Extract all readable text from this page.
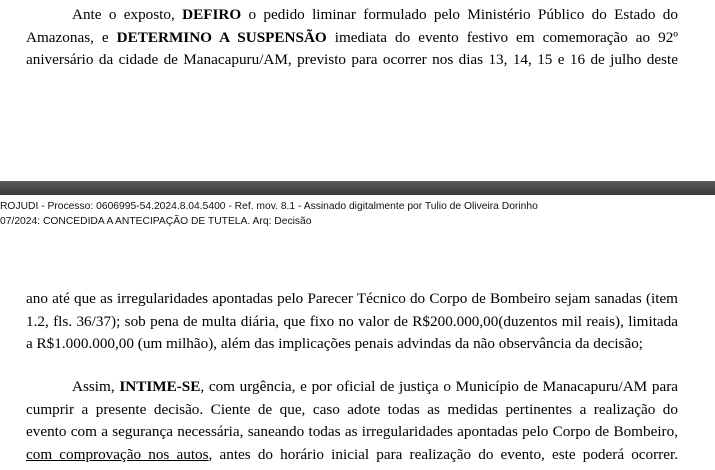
Ante o exposto, DEFIRO o pedido liminar formulado pelo Ministério Público do Estado do
Amazonas, e DETERMINO A SUSPENSÃO imediata do evento festivo em comemoração ao 92º
aniversário da cidade de Manacapuru/AM, previsto para ocorrer nos dias 13, 14, 15 e 16 de julho deste
ROJUDI - Processo: 0606995-54.2024.8.04.5400 - Ref. mov. 8.1 - Assinado digitalmente por Tulio de Oliveira Dorinho
07/2024: CONCEDIDA A ANTECIPAÇÃO DE TUTELA. Arq: Decisão
ano até que as irregularidades apontadas pelo Parecer Técnico do Corpo de Bombeiro sejam sanadas (item
1.2, fls. 36/37); sob pena de multa diária, que fixo no valor de R$200.000,00(duzentos mil reais), limitada
a R$1.000.000,00 (um milhão), além das implicações penais advindas da não observância da decisão;
Assim, INTIME-SE, com urgência, e por oficial de justiça o Município de Manacapuru/AM para
cumprir a presente decisão. Ciente de que, caso adote todas as medidas pertinentes a realização do
evento com a segurança necessária, saneando todas as irregularidades apontadas pelo Corpo de Bombeiro,
com comprovação nos autos, antes do horário inicial para realização do evento, este poderá ocorrer.
